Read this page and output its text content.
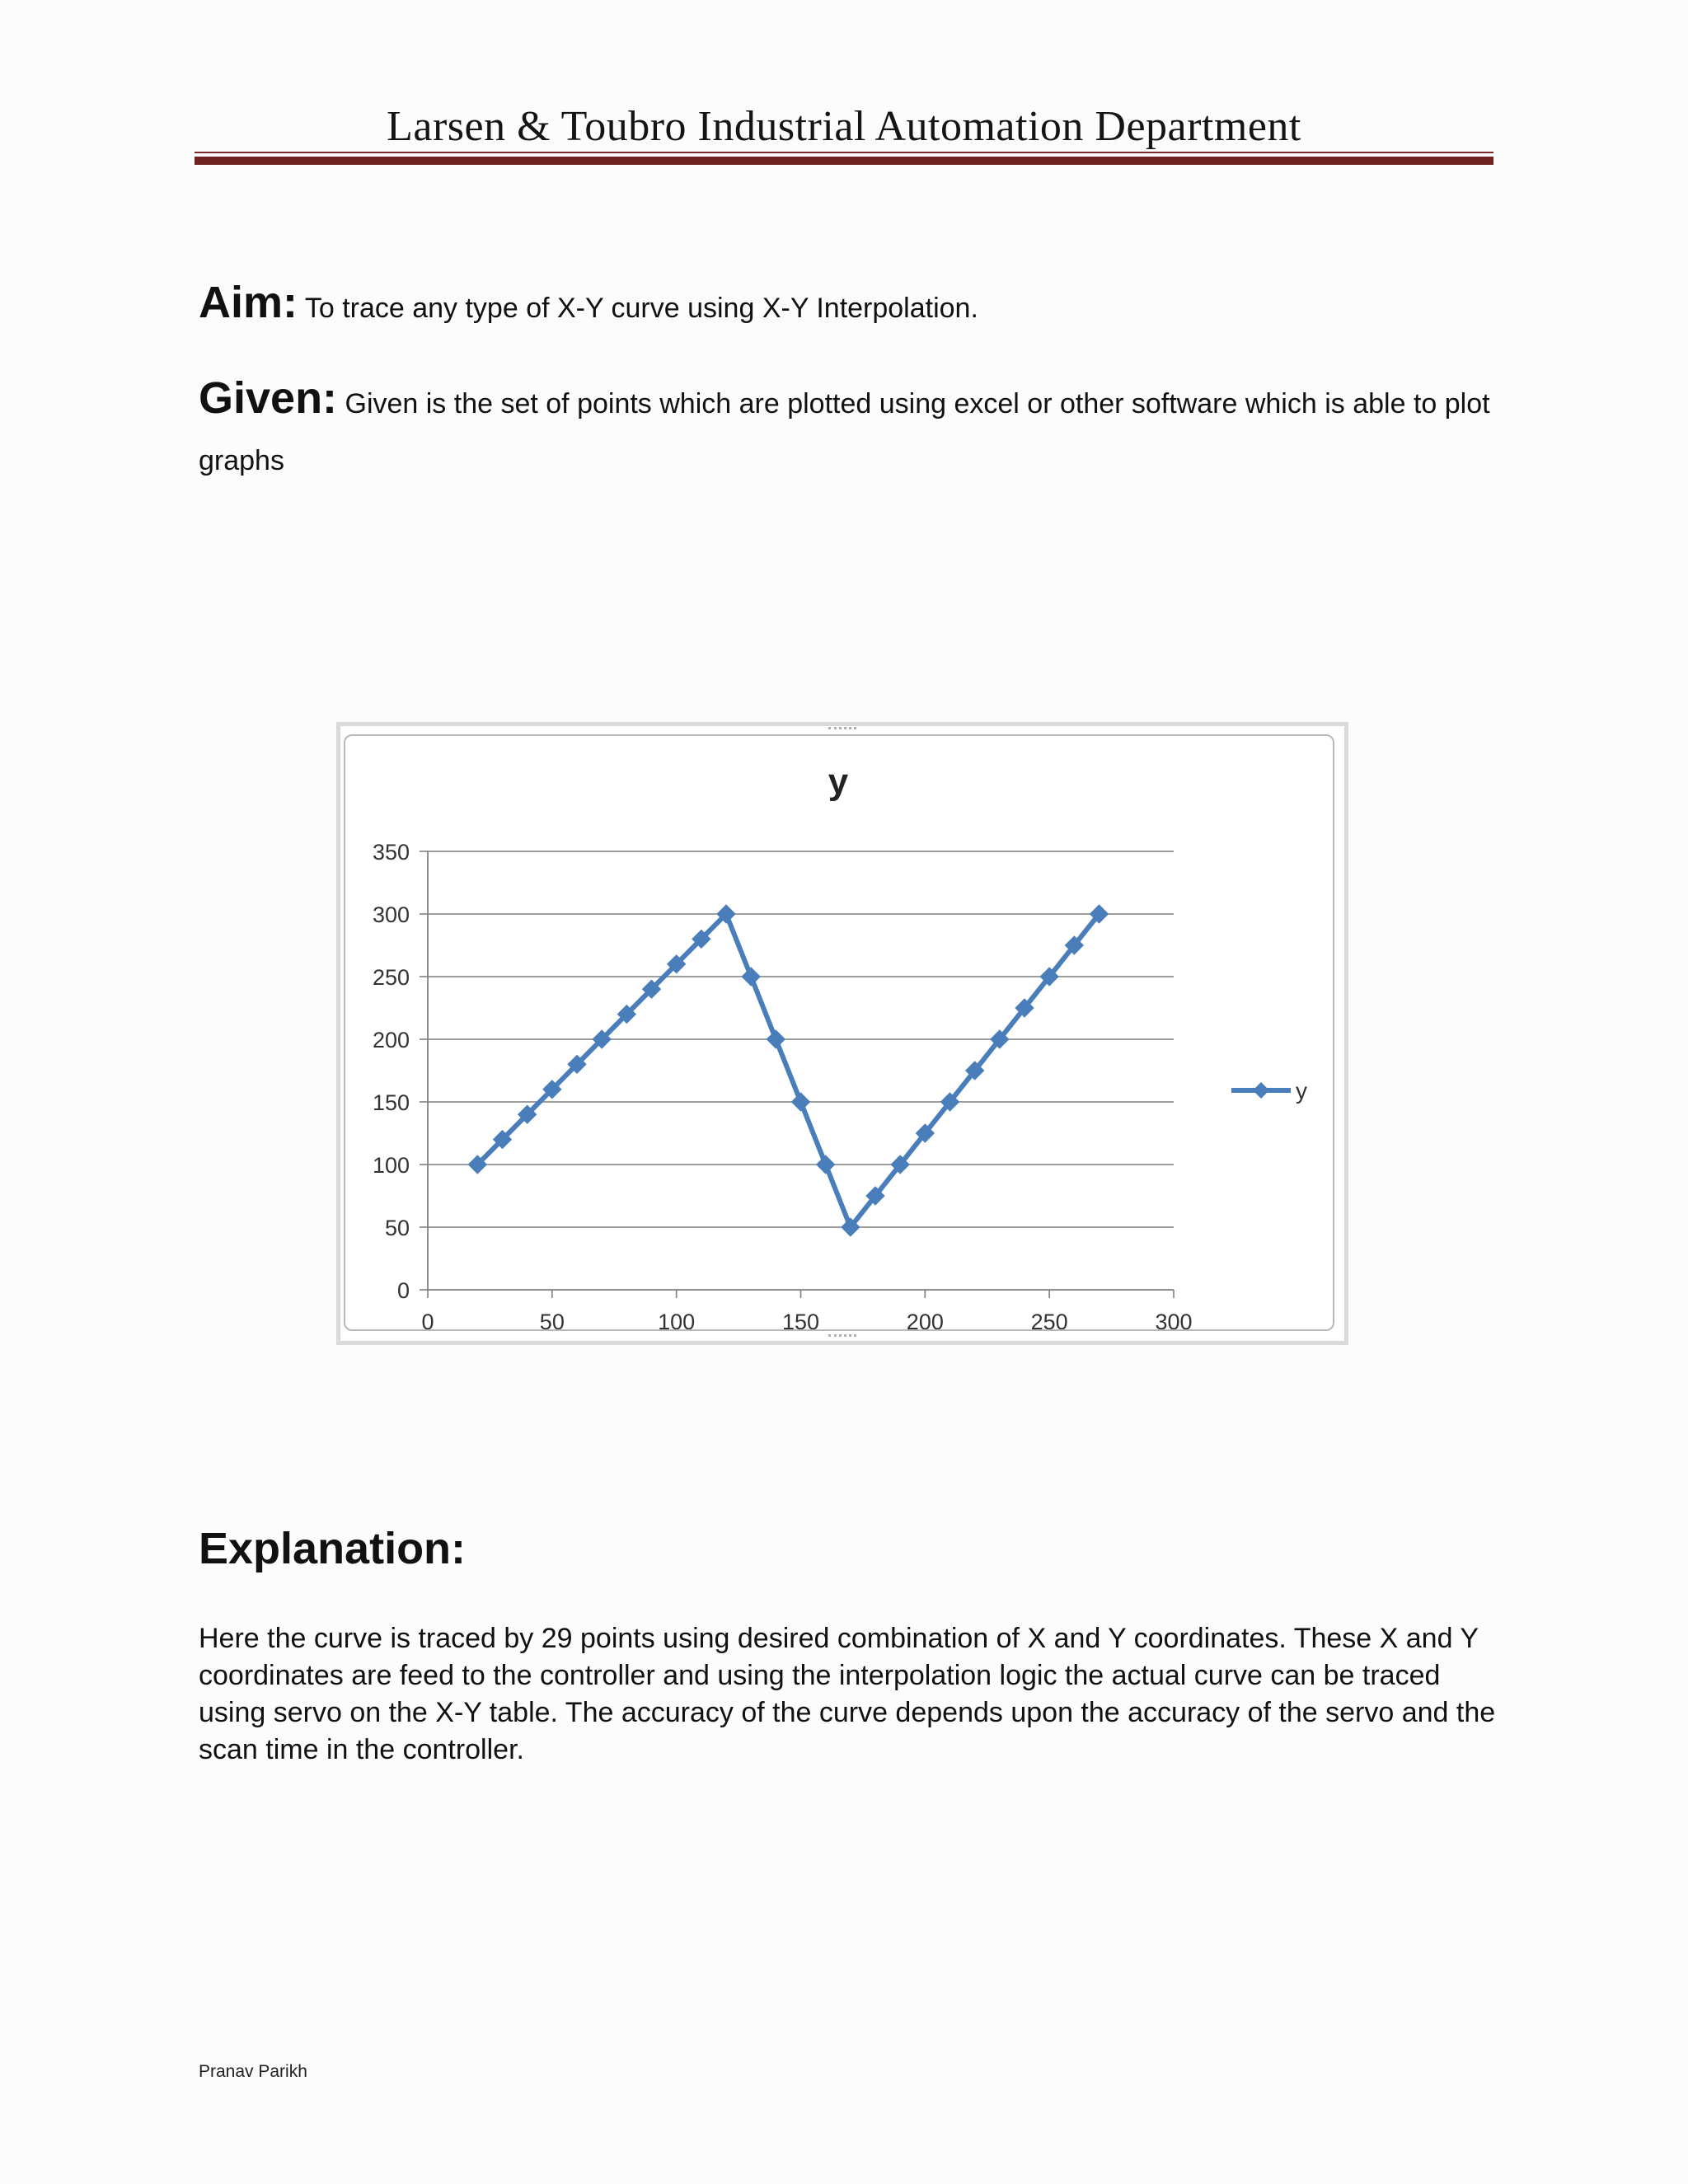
Larsen & Toubro Industrial Automation Department
Aim: To trace any type of X-Y curve using X-Y Interpolation.
Given: Given is the set of points which are plotted using excel or other software which is able to plot graphs
0
50
100
150
200
250
300
350
0	50	100	150	200	250	300
y
y
Explanation:
Here the curve is traced by 29 points using desired combination of X and Y coordinates. These X and Y coordinates are feed to the controller and using the interpolation logic the actual curve can be traced using servo on the X-Y table. The accuracy of the curve depends upon the accuracy of the servo and the scan time in the controller.
Pranav Parikh
